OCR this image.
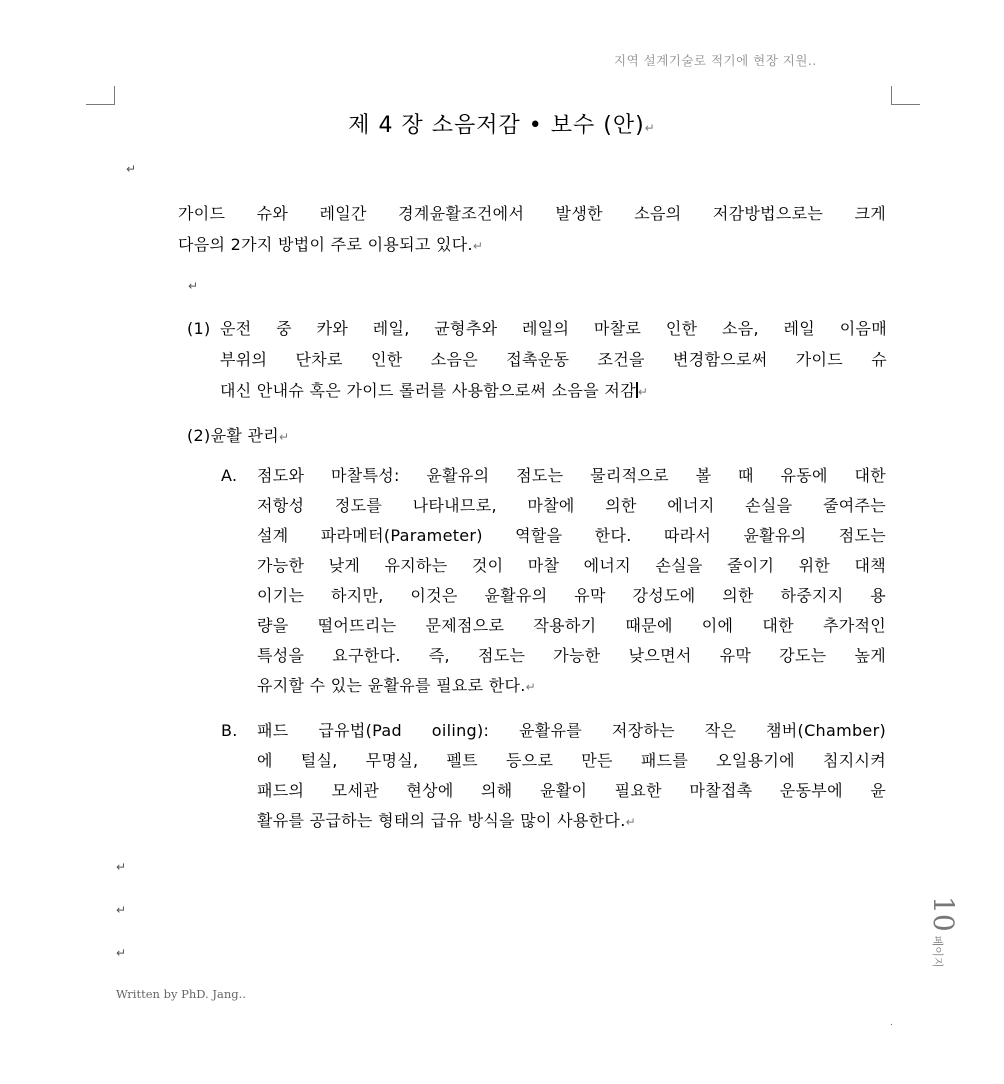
지역 설계기술로 적기에 현장 지원..
제 4 장 소음저감 • 보수 (안)↵
↵
가이드 슈와 레일간 경계윤활조건에서 발생한 소음의 저감방법으로는 크게
다음의 2가지 방법이 주로 이용되고 있다.↵
↵
(1) 운전 중 카와 레일, 균형추와 레일의 마찰로 인한 소음, 레일 이음매
부위의 단차로 인한 소음은 접촉운동 조건을 변경함으로써 가이드 슈
대신 안내슈 혹은 가이드 롤러를 사용함으로써 소음을 저감 ↵
(2)윤활 관리↵
A.	점도와 마찰특성: 윤활유의 점도는 물리적으로 볼 때 유동에 대한
저항성 정도를 나타내므로, 마찰에 의한 에너지 손실을 줄여주는
설계 파라메터(Parameter) 역할을 한다. 따라서 윤활유의 점도는
가능한 낮게 유지하는 것이 마찰 에너지 손실을 줄이기 위한 대책
이기는 하지만, 이것은 윤활유의 유막 강성도에 의한 하중지지 용
량을 떨어뜨리는 문제점으로 작용하기 때문에 이에 대한 추가적인
특성을 요구한다. 즉, 점도는 가능한 낮으면서 유막 강도는 높게
유지할 수 있는 윤활유를 필요로 한다.↵
B.	패드 급유법(Pad oiling): 윤활유를 저장하는 작은 챔버(Chamber)
에 털실, 무명실, 펠트 등으로 만든 패드를 오일용기에 침지시켜
패드의 모세관 현상에 의해 윤활이 필요한 마찰접촉 운동부에 윤
활유를 공급하는 형태의 급유 방식을 많이 사용한다.↵
↵
↵
↵
Written by PhD. Jang..
10페이지
.
